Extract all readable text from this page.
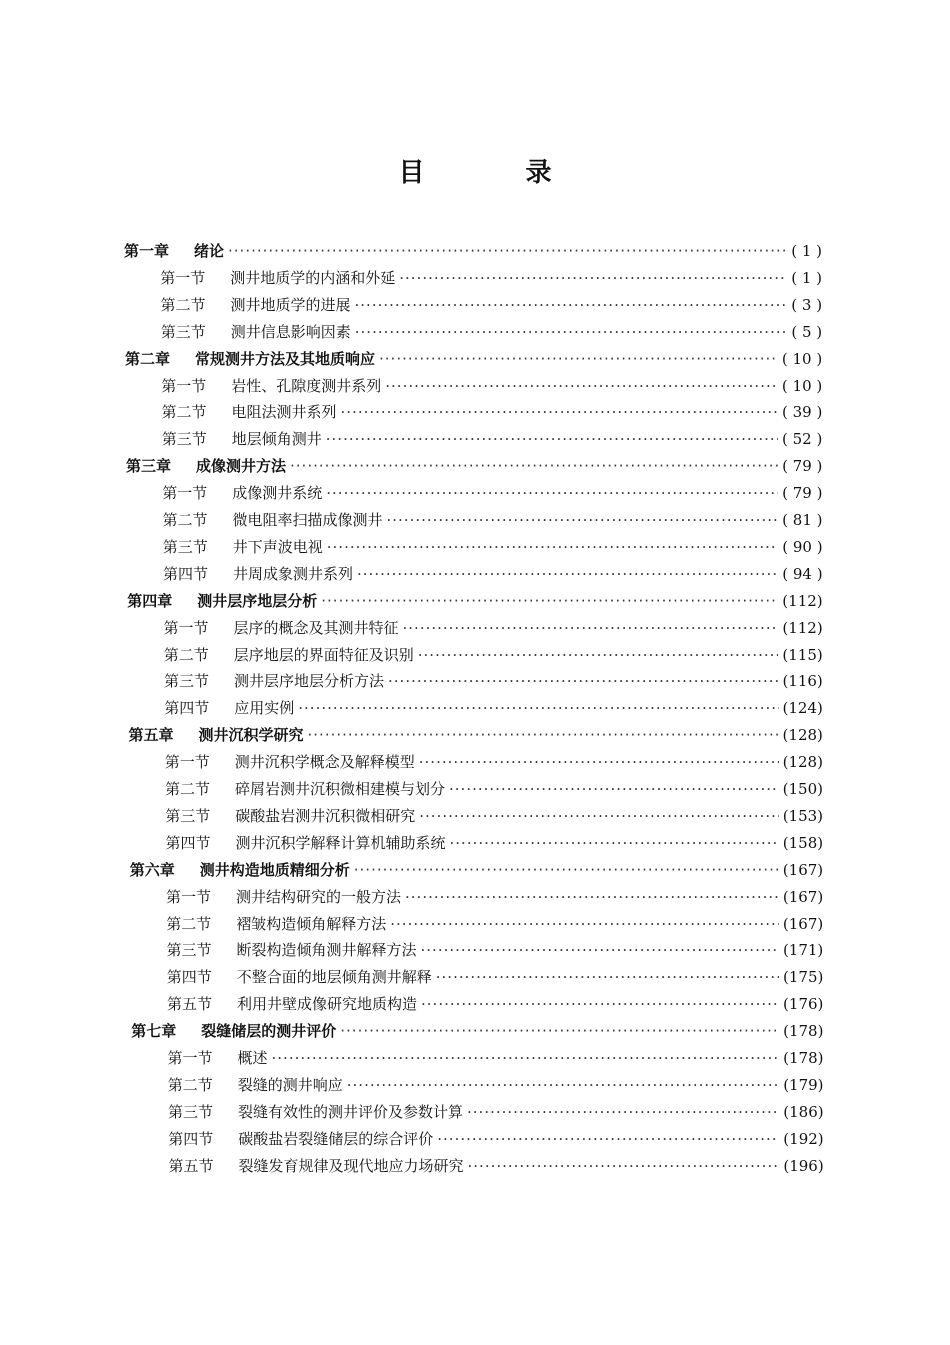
目 录
第一章	绪论 ·····	( 1 )
第一节	测井地质学的内涵和外延 ·····	( 1 )
第二节	测井地质学的进展 ·····	( 3 )
第三节	测井信息影响因素 ·····	( 5 )
第二章	常规测井方法及其地质响应 ·····	( 10 )
第一节	岩性、孔隙度测井系列 ·····	( 10 )
第二节	电阻法测井系列 ·····	( 39 )
第三节	地层倾角测井 ·····	( 52 )
第三章	成像测井方法 ·····	( 79 )
第一节	成像测井系统 ·····	( 79 )
第二节	微电阻率扫描成像测井 ·····	( 81 )
第三节	井下声波电视 ·····	( 90 )
第四节	井周成象测井系列 ·····	( 94 )
第四章	测井层序地层分析 ·····	(112)
第一节	层序的概念及其测井特征 ·····	(112)
第二节	层序地层的界面特征及识别 ·····	(115)
第三节	测井层序地层分析方法 ·····	(116)
第四节	应用实例 ·····	(124)
第五章	测井沉积学研究 ·····	(128)
第一节	测井沉积学概念及解释模型 ·····	(128)
第二节	碎屑岩测井沉积微相建模与划分 ·····	(150)
第三节	碳酸盐岩测井沉积微相研究 ·····	(153)
第四节	测井沉积学解释计算机辅助系统 ·····	(158)
第六章	测井构造地质精细分析 ·····	(167)
第一节	测井结构研究的一般方法 ·····	(167)
第二节	褶皱构造倾角解释方法 ·····	(167)
第三节	断裂构造倾角测井解释方法 ·····	(171)
第四节	不整合面的地层倾角测井解释 ·····	(175)
第五节	利用井壁成像研究地质构造 ·····	(176)
第七章	裂缝储层的测井评价 ·····	(178)
第一节	概述 ·····	(178)
第二节	裂缝的测井响应 ·····	(179)
第三节	裂缝有效性的测井评价及参数计算 ·····	(186)
第四节	碳酸盐岩裂缝储层的综合评价 ·····	(192)
第五节	裂缝发育规律及现代地应力场研究 ·····	(196)
